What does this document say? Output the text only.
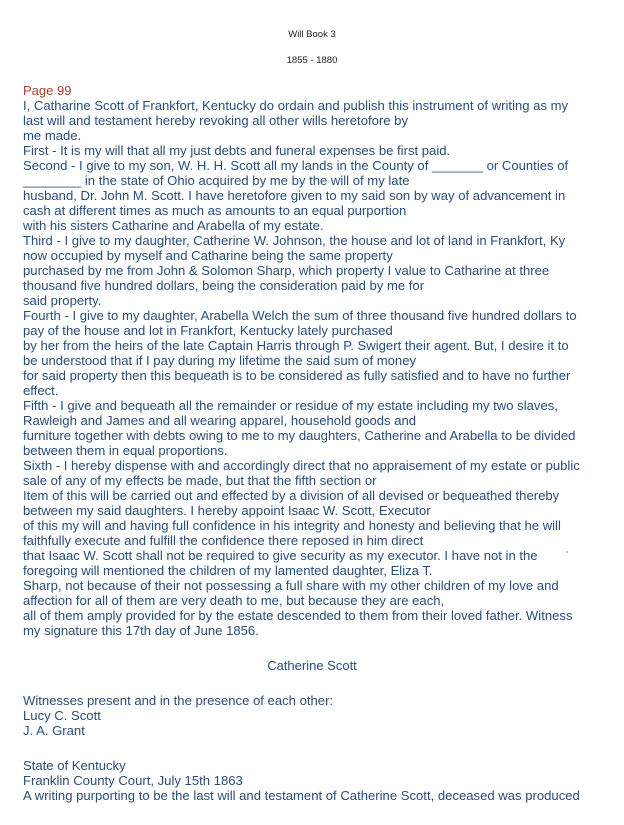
Will Book 3
1855 - 1880
Page 99
I, Catharine Scott of Frankfort, Kentucky do ordain and publish this instrument of writing as my
last will and testament hereby revoking all other wills heretofore by
me made.
First - It is my will that all my just debts and funeral expenses be first paid.
Second - I give to my son, W. H. H. Scott all my lands in the County of _______ or Counties of
________ in the state of Ohio acquired by me by the will of my late
husband, Dr. John M. Scott. I have heretofore given to my said son by way of advancement in
cash at different times as much as amounts to an equal purportion
with his sisters Catharine and Arabella of my estate.
Third - I give to my daughter, Catherine W. Johnson, the house and lot of land in Frankfort, Ky
now occupied by myself and Catharine being the same property
purchased by me from John & Solomon Sharp, which property I value to Catharine at three
thousand five hundred dollars, being the consideration paid by me for
said property.
Fourth - I give to my daughter, Arabella Welch the sum of three thousand five hundred dollars to
pay of the house and lot in Frankfort, Kentucky lately purchased
by her from the heirs of the late Captain Harris through P. Swigert their agent. But, I desire it to
be understood that if I pay during my lifetime the said sum of money
for said property then this bequeath is to be considered as fully satisfied and to have no further
effect.
Fifth - I give and bequeath all the remainder or residue of my estate including my two slaves,
Rawleigh and James and all wearing apparel, household goods and
furniture together with debts owing to me to my daughters, Catherine and Arabella to be divided
between them in equal proportions.
Sixth - I hereby dispense with and accordingly direct that no appraisement of my estate or public
sale of any of my effects be made, but that the fifth section or
Item of this will be carried out and effected by a division of all devised or bequeathed thereby
between my said daughters. I hereby appoint Isaac W. Scott, Executor
of this my will and having full confidence in his integrity and honesty and believing that he will
faithfully execute and fulfill the confidence there reposed in him direct
that Isaac W. Scott shall not be required to give security as my executor. I have not in the
foregoing will mentioned the children of my lamented daughter, Eliza T.
Sharp, not because of their not possessing a full share with my other children of my love and
affection for all of them are very death to me, but because they are each,
all of them amply provided for by the estate descended to them from their loved father. Witness
my signature this 17th day of June 1856.
Catherine Scott
Witnesses present and in the presence of each other:
Lucy C. Scott
J. A. Grant
State of Kentucky
Franklin County Court, July 15th 1863
A writing purporting to be the last will and testament of Catherine Scott, deceased was produced
